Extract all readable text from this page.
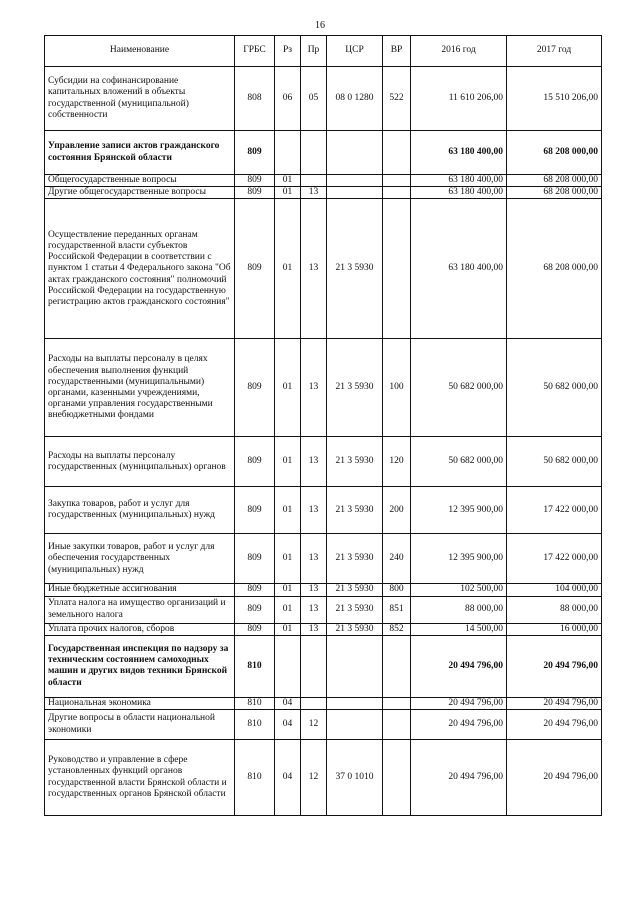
16
Наименование	ГРБС	Рз	Пр	ЦСР	ВР	2016 год	2017 год
Субсидии на софинансирование капитальных вложений в объекты государственной (муниципальной) собственности	808	06	05	08 0 1280	522	11 610 206,00	15 510 206,00
Управление записи актов гражданского состояния Брянской области	809					63 180 400,00	68 208 000,00
Общегосударственные вопросы	809	01				63 180 400,00	68 208 000,00
Другие общегосударственные вопросы	809	01	13			63 180 400,00	68 208 000,00
Осуществление переданных органам государственной власти субъектов Российской Федерации в соответствии с пунктом 1 статьи 4 Федерального закона "Об актах гражданского состояния" полномочий Российской Федерации на государственную регистрацию актов гражданского состояния"	809	01	13	21 3 5930		63 180 400,00	68 208 000,00
Расходы на выплаты персоналу в целях обеспечения выполнения функций государственными (муниципальными) органами, казенными учреждениями, органами управления государственными внебюджетными фондами	809	01	13	21 3 5930	100	50 682 000,00	50 682 000,00
Расходы на выплаты персоналу государственных (муниципальных) органов	809	01	13	21 3 5930	120	50 682 000,00	50 682 000,00
Закупка товаров, работ и услуг для государственных (муниципальных) нужд	809	01	13	21 3 5930	200	12 395 900,00	17 422 000,00
Иные закупки товаров, работ и услуг для обеспечения государственных (муниципальных) нужд	809	01	13	21 3 5930	240	12 395 900,00	17 422 000,00
Иные бюджетные ассигнования	809	01	13	21 3 5930	800	102 500,00	104 000,00
Уплата налога на имущество организаций и земельного налога	809	01	13	21 3 5930	851	88 000,00	88 000,00
Уплата прочих налогов, сборов	809	01	13	21 3 5930	852	14 500,00	16 000,00
Государственная инспекция по надзору за техническим состоянием самоходных машин и других видов техники Брянской области	810					20 494 796,00	20 494 796,00
Национальная экономика	810	04				20 494 796,00	20 494 796,00
Другие вопросы в области национальной экономики	810	04	12			20 494 796,00	20 494 796,00
Руководство и управление в сфере установленных функций органов государственной власти Брянской области и государственных органов Брянской области	810	04	12	37 0 1010		20 494 796,00	20 494 796,00
